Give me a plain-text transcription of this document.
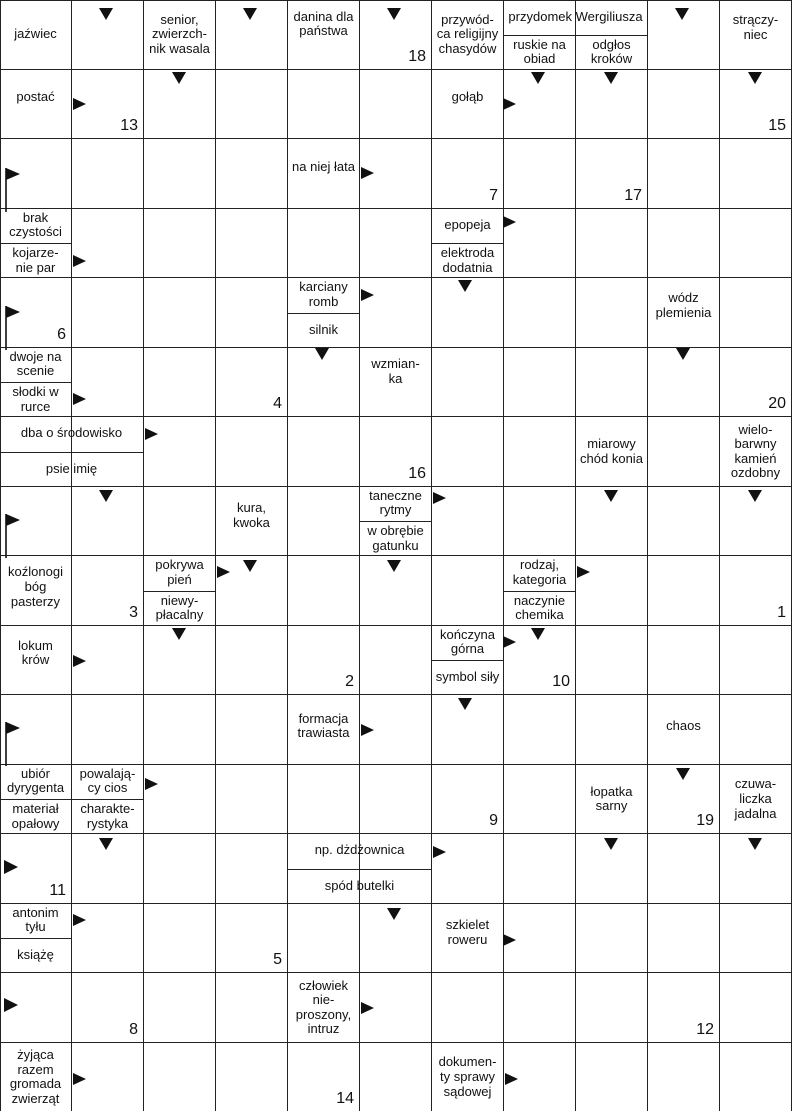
jaźwiec
senior, zwierzch- nik wasala
danina dla państwa
przywód- ca religijny chasydów
przydomek Wergiliusza
ruskie na obiad
odgłos kroków
strączy- niec
postać	gołąb
na niej łata
brak czystości
kojarze- nie par
epopeja
elektroda dodatnia
karciany romb
silnik
wódz plemienia
dwoje na scenie
słodki w rurce
wzmian- ka
dba o środowisko
psie imię
miarowy chód konia
wielo- barwny kamień ozdobny
kura, kwoka
taneczne rytmy
w obrębie gatunku
koźlonogi bóg pasterzy
pokrywa pień
niewy- płacalny
rodzaj, kategoria
naczynie chemika
lokum krów
kończyna górna
symbol siły
formacja trawiasta	chaos
ubiór dyrygenta
materiał opałowy
powalają- cy cios
charakte- rystyka
łopatka sarny
czuwa- liczka jadalna
np. dżdżownica
spód butelki
antonim tyłu
książę
szkielet roweru
człowiek nie- proszony, intruz
żyjąca razem gromada zwierząt
dokumen- ty sprawy sądowej
13	15
18
7	17
6
4	20
16
3	1
2	10
9	19
11
5
8	12
14
